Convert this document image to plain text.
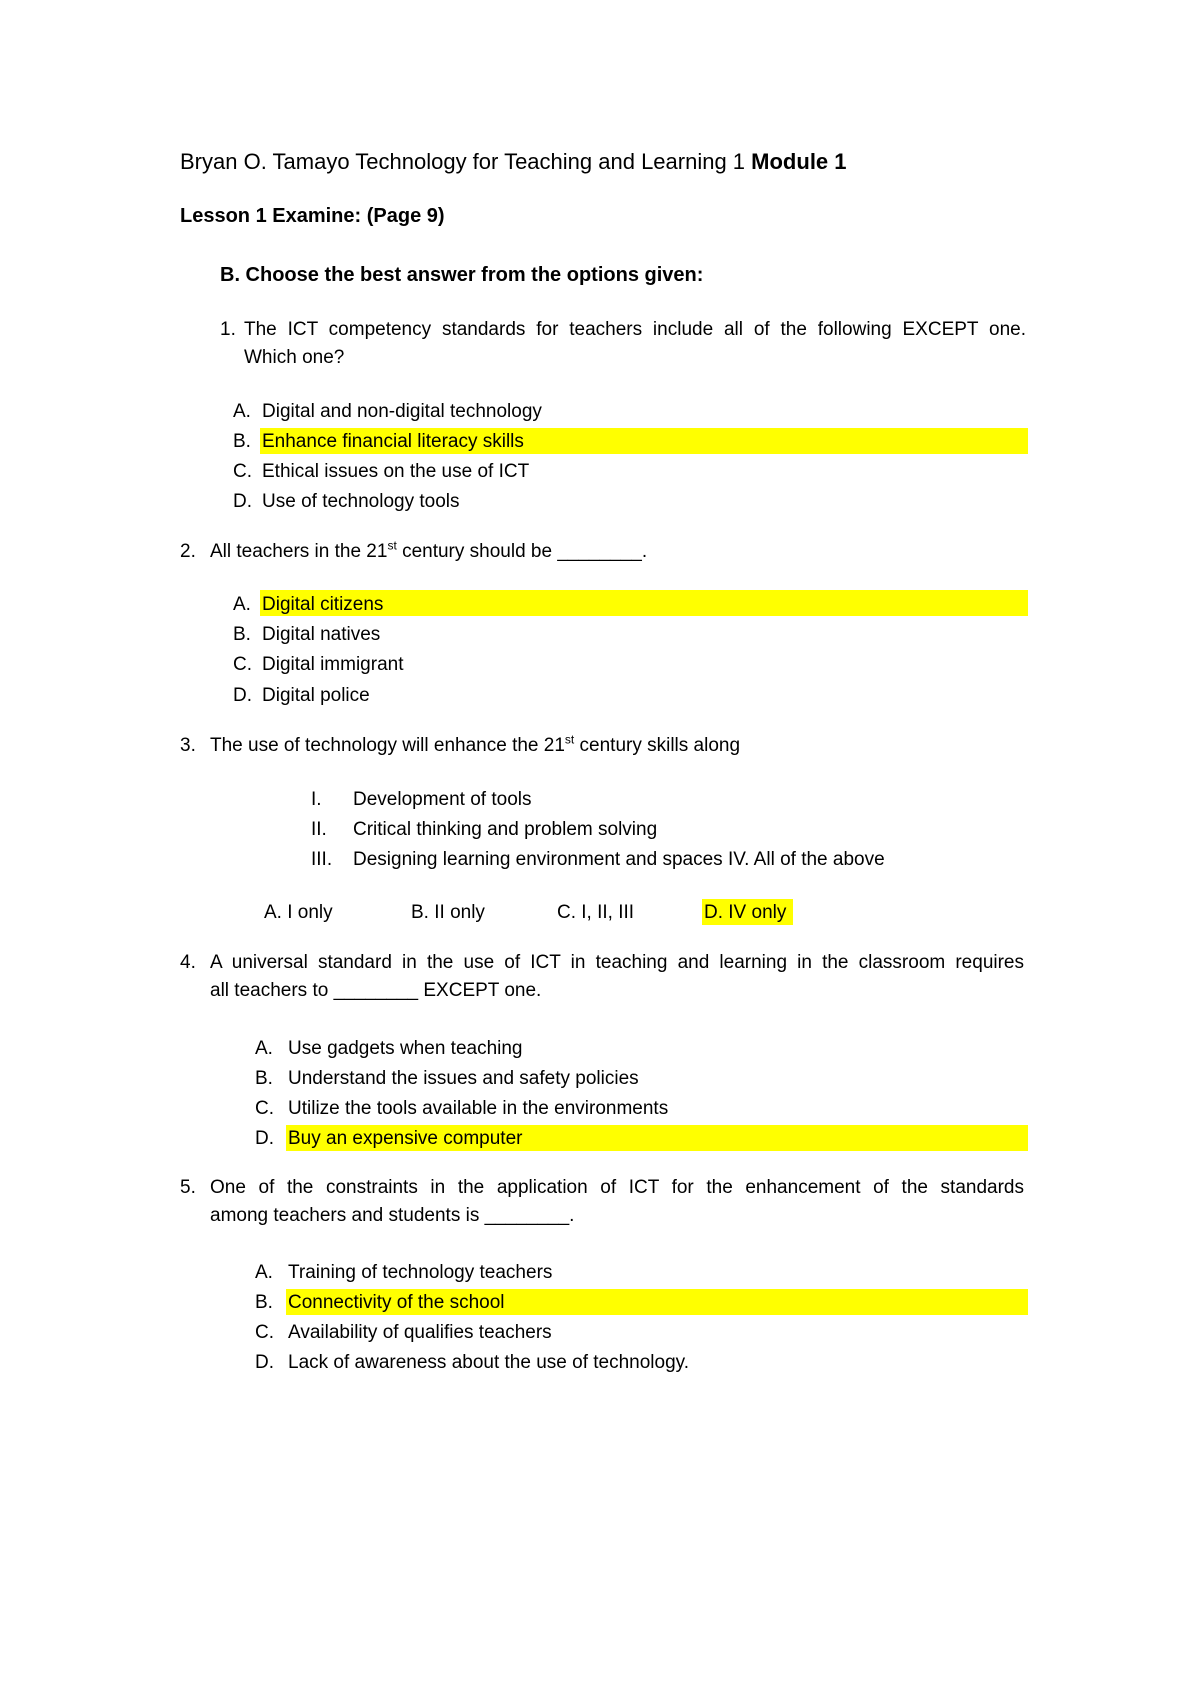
Bryan O. Tamayo Technology for Teaching and Learning 1 Module 1
Lesson 1 Examine: (Page 9)
B. Choose the best answer from the options given:
1. The ICT competency standards for teachers include all of the following EXCEPT one.
Which one?
A. Digital and non-digital technology
B. Enhance financial literacy skills
C. Ethical issues on the use of ICT
D. Use of technology tools
2. All teachers in the 21st century should be ________.
A. Digital citizens
B. Digital natives
C. Digital immigrant
D. Digital police
3. The use of technology will enhance the 21st century skills along
I. Development of tools
II. Critical thinking and problem solving
III. Designing learning environment and spaces IV. All of the above
A. I only	B. II only	C. I, II, III	D. IV only
4. A universal standard in the use of ICT in teaching and learning in the classroom requires
all teachers to ________ EXCEPT one.
A. Use gadgets when teaching
B. Understand the issues and safety policies
C. Utilize the tools available in the environments
D. Buy an expensive computer
5. One of the constraints in the application of ICT for the enhancement of the standards
among teachers and students is ________.
A. Training of technology teachers
B. Connectivity of the school
C. Availability of qualifies teachers
D. Lack of awareness about the use of technology.
